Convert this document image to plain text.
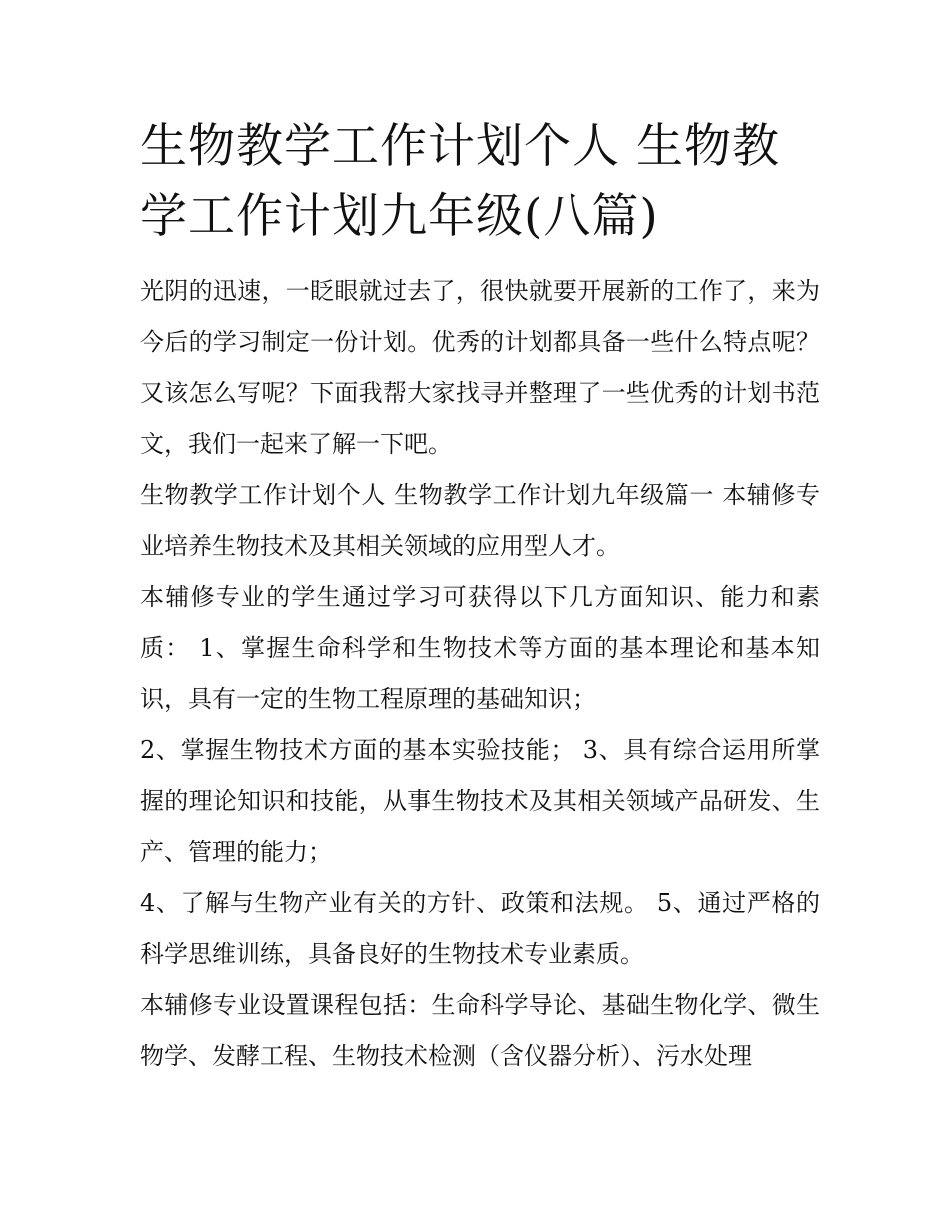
生物教学工作计划个人 生物教学工作计划九年级(八篇)

光阴的迅速，一眨眼就过去了，很快就要开展新的工作了，来为今后的学习制定一份计划。优秀的计划都具备一些什么特点呢？又该怎么写呢？下面我帮大家找寻并整理了一些优秀的计划书范文，我们一起来了解一下吧。

生物教学工作计划个人 生物教学工作计划九年级篇一 本辅修专业培养生物技术及其相关领域的应用型人才。

本辅修专业的学生通过学习可获得以下几方面知识、能力和素质： 1、掌握生命科学和生物技术等方面的基本理论和基本知识，具有一定的生物工程原理的基础知识；

2、掌握生物技术方面的基本实验技能； 3、具有综合运用所掌握的理论知识和技能，从事生物技术及其相关领域产品研发、生产、管理的能力；

4、了解与生物产业有关的方针、政策和法规。 5、通过严格的科学思维训练，具备良好的生物技术专业素质。

本辅修专业设置课程包括：生命科学导论、基础生物化学、微生物学、发酵工程、生物技术检测（含仪器分析）、污水处理
